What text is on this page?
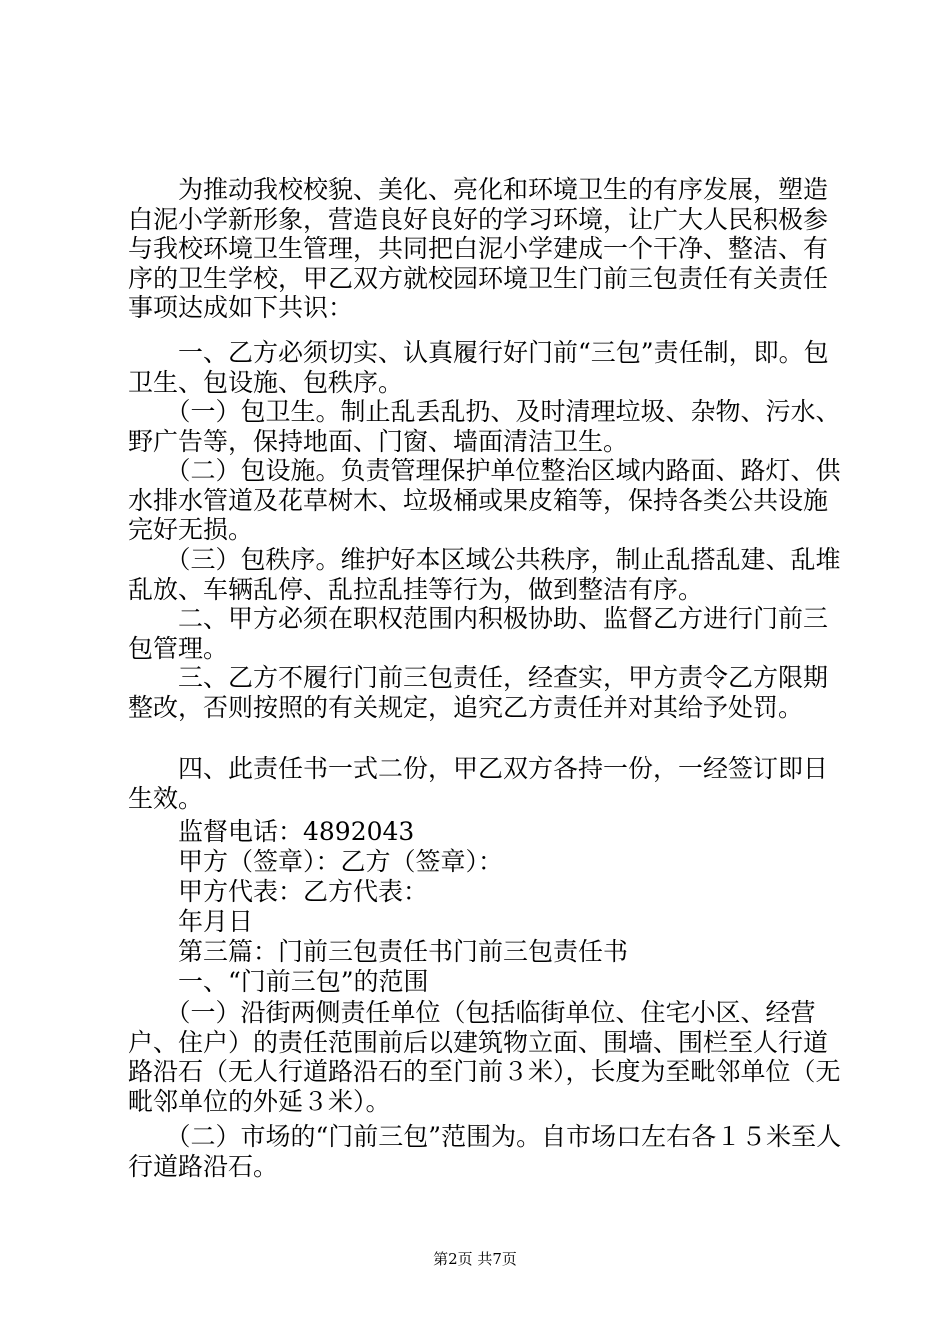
　　为推动我校校貌、美化、亮化和环境卫生的有序发展，塑造白泥小学新形象，营造良好良好的学习环境，让广大人民积极参与我校环境卫生管理，共同把白泥小学建成一个干净、整洁、有序的卫生学校，甲乙双方就校园环境卫生门前三包责任有关责任事项达成如下共识：

　　一、乙方必须切实、认真履行好门前“三包”责任制，即。包卫生、包设施、包秩序。

　　（一）包卫生。制止乱丢乱扔、及时清理垃圾、杂物、污水、野广告等，保持地面、门窗、墙面清洁卫生。

　　（二）包设施。负责管理保护单位整治区域内路面、路灯、供水排水管道及花草树木、垃圾桶或果皮箱等，保持各类公共设施完好无损。

　　（三）包秩序。维护好本区域公共秩序，制止乱搭乱建、乱堆乱放、车辆乱停、乱拉乱挂等行为，做到整洁有序。

　　二、甲方必须在职权范围内积极协助、监督乙方进行门前三包管理。

　　三、乙方不履行门前三包责任，经查实，甲方责令乙方限期整改，否则按照的有关规定，追究乙方责任并对其给予处罚。

　　四、此责任书一式二份，甲乙双方各持一份，一经签订即日生效。

　　监督电话：4892043

　　甲方（签章）：乙方（签章）：

　　甲方代表：乙方代表：

　　年月日

　　第三篇：门前三包责任书门前三包责任书

　　一、“门前三包”的范围

　　（一）沿街两侧责任单位（包括临街单位、住宅小区、经营户、住户）的责任范围前后以建筑物立面、围墙、围栏至人行道路沿石（无人行道路沿石的至门前３米），长度为至毗邻单位（无毗邻单位的外延３米）。

　　（二）市场的“门前三包”范围为。自市场口左右各１５米至人行道路沿石。

第2页 共7页
